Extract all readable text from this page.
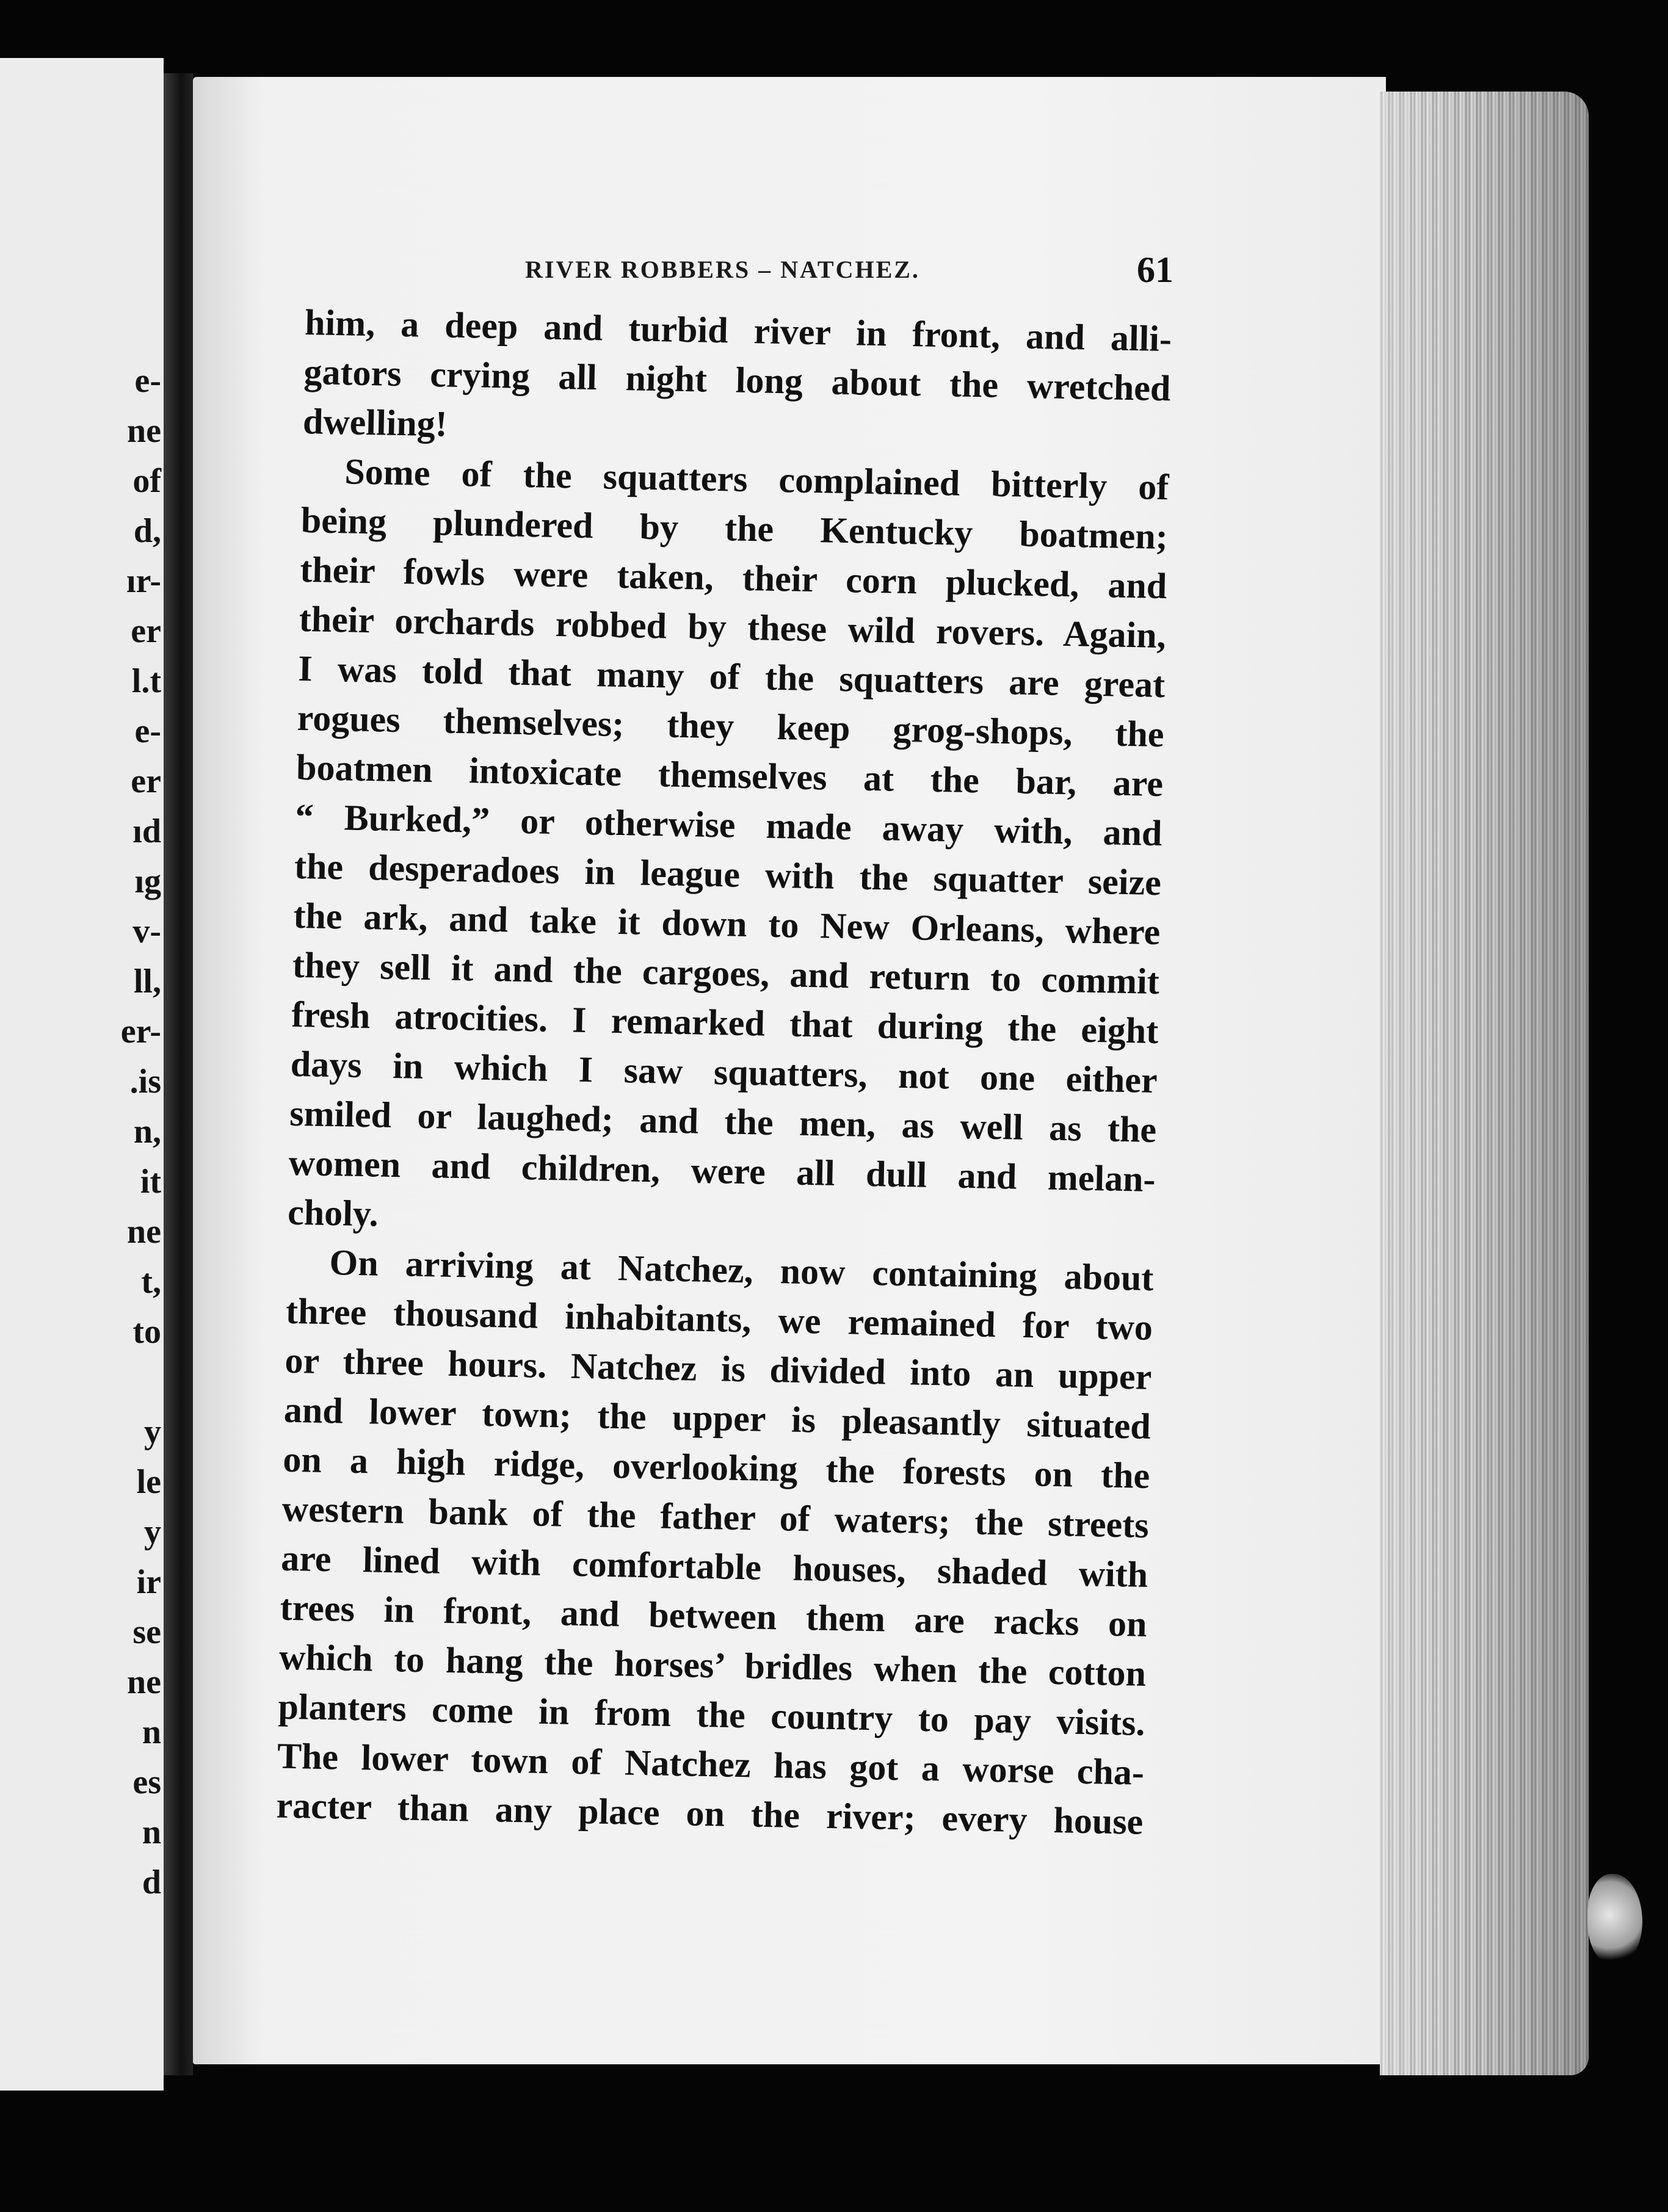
e-
ne
of
d,
ır-
er
l.t
e-
er
ıd
ıg
v-
ll,
er-
.is
n,
it
ne
t,
to
y
le
y
ir
se
ne
n
es
n
d
RIVER ROBBERS – NATCHEZ.	61
him, a deep and turbid river in front, and alli-
gators crying all night long about the wretched
dwelling!
Some of the squatters complained bitterly of
being plundered by the Kentucky boatmen;
their fowls were taken, their corn plucked, and
their orchards robbed by these wild rovers. Again,
I was told that many of the squatters are great
rogues themselves; they keep grog-shops, the
boatmen intoxicate themselves at the bar, are
“ Burked,” or otherwise made away with, and
the desperadoes in league with the squatter seize
the ark, and take it down to New Orleans, where
they sell it and the cargoes, and return to commit
fresh atrocities. I remarked that during the eight
days in which I saw squatters, not one either
smiled or laughed; and the men, as well as the
women and children, were all dull and melan-
choly.
On arriving at Natchez, now containing about
three thousand inhabitants, we remained for two
or three hours. Natchez is divided into an upper
and lower town; the upper is pleasantly situated
on a high ridge, overlooking the forests on the
western bank of the father of waters; the streets
are lined with comfortable houses, shaded with
trees in front, and between them are racks on
which to hang the horses’ bridles when the cotton
planters come in from the country to pay visits.
The lower town of Natchez has got a worse cha-
racter than any place on the river; every house
